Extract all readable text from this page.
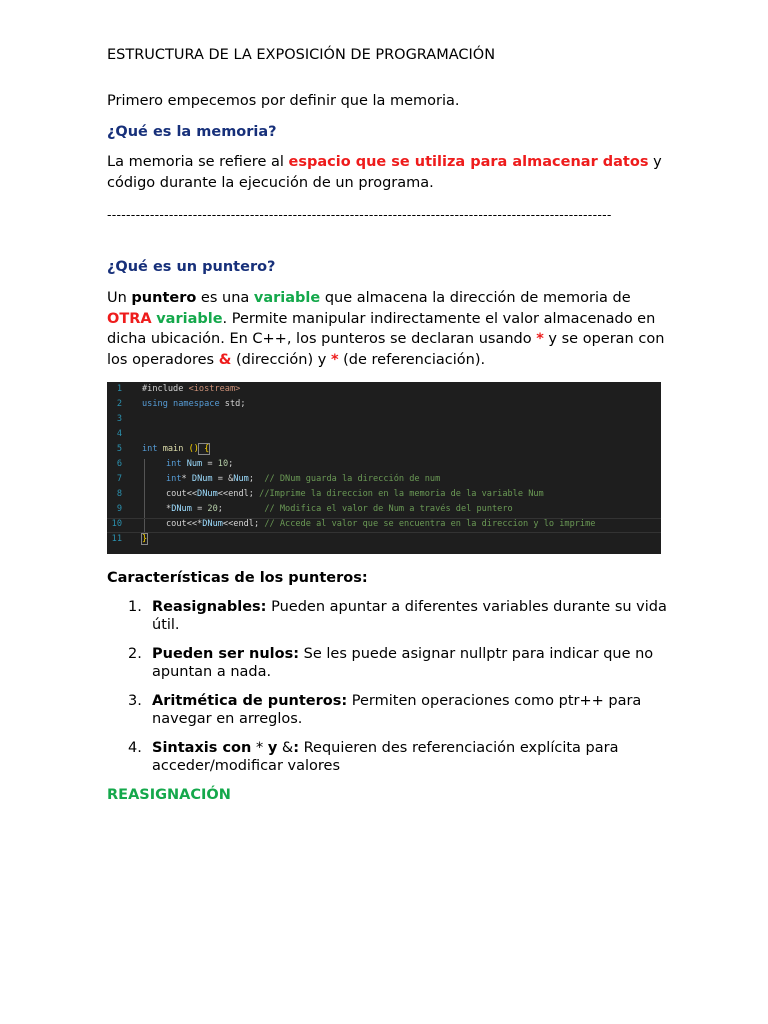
ESTRUCTURA DE LA EXPOSICIÓN DE PROGRAMACIÓN

Primero empecemos por definir que la memoria.

¿Qué es la memoria?

La memoria se refiere al espacio que se utiliza para almacenar datos y código durante la ejecución de un programa.

----------------------------------------------------------------------------------------------------------

¿Qué es un puntero?

Un puntero es una variable que almacena la dirección de memoria de OTRA variable. Permite manipular indirectamente el valor almacenado en dicha ubicación. En C++, los punteros se declaran usando * y se operan con los operadores & (dirección) y * (de referenciación).

1 #include <iostream>
2 using namespace std;
3
4
5 int main () {
6	int Num = 10;
7	int* DNum = &Num;  // DNum guarda la dirección de num
8	cout<<DNum<<endl; //Imprime la direccion en la memoria de la variable Num
9	*DNum = 20;        // Modifica el valor de Num a través del puntero
10	cout<<*DNum<<endl; // Accede al valor que se encuentra en la direccion y lo imprime
11 }

Características de los punteros:

1. Reasignables: Pueden apuntar a diferentes variables durante su vida útil.
2. Pueden ser nulos: Se les puede asignar nullptr para indicar que no apuntan a nada.
3. Aritmética de punteros: Permiten operaciones como ptr++ para navegar en arreglos.
4. Sintaxis con * y &: Requieren des referenciación explícita para acceder/modificar valores

REASIGNACIÓN
